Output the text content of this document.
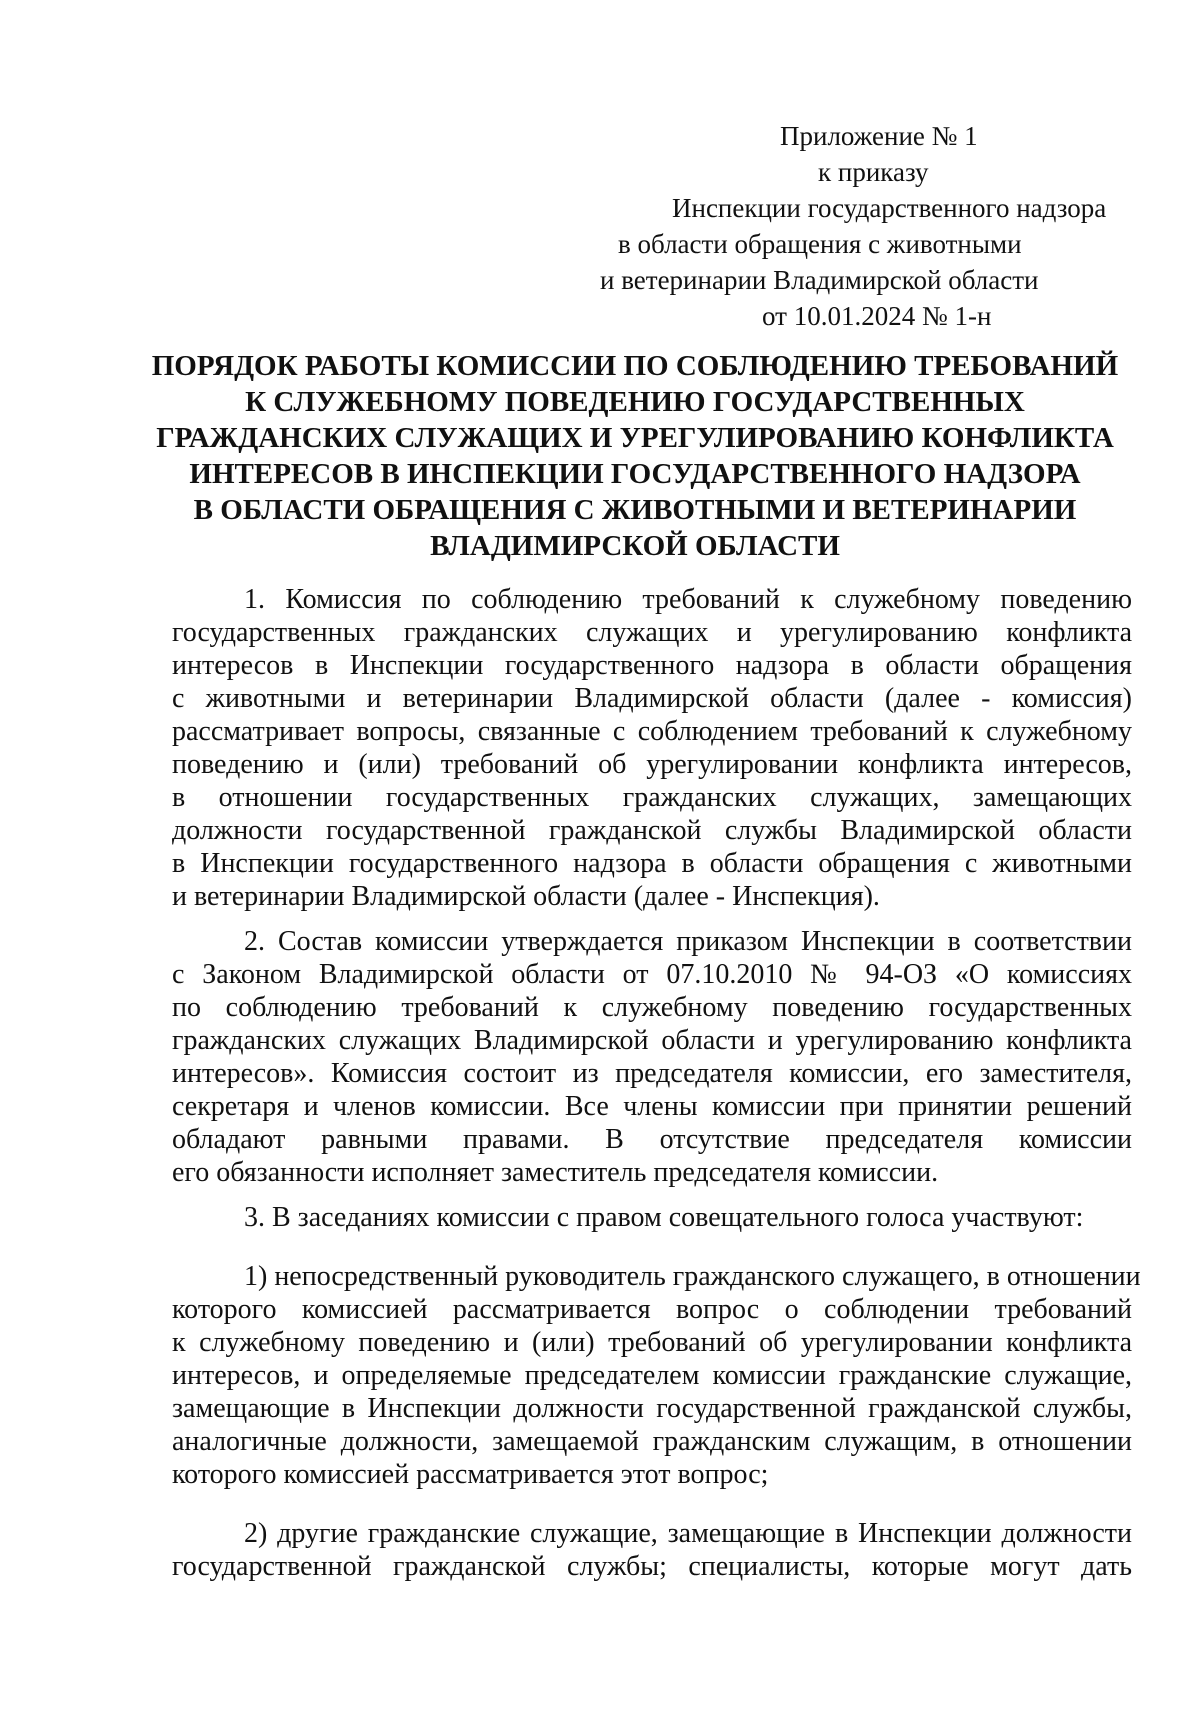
Приложение № 1
к приказу
Инспекции государственного надзора
в области обращения с животными
и ветеринарии Владимирской области
от 10.01.2024 № 1-н
ПОРЯДОК РАБОТЫ КОМИССИИ ПО СОБЛЮДЕНИЮ ТРЕБОВАНИЙ
К СЛУЖЕБНОМУ ПОВЕДЕНИЮ ГОСУДАРСТВЕННЫХ
ГРАЖДАНСКИХ СЛУЖАЩИХ И УРЕГУЛИРОВАНИЮ КОНФЛИКТА
ИНТЕРЕСОВ В ИНСПЕКЦИИ ГОСУДАРСТВЕННОГО НАДЗОРА
В ОБЛАСТИ ОБРАЩЕНИЯ С ЖИВОТНЫМИ И ВЕТЕРИНАРИИ
ВЛАДИМИРСКОЙ ОБЛАСТИ
1. Комиссия по соблюдению требований к служебному поведению
государственных гражданских служащих и урегулированию конфликта
интересов в Инспекции государственного надзора в области обращения
с животными и ветеринарии Владимирской области (далее - комиссия)
рассматривает вопросы, связанные с соблюдением требований к служебному
поведению и (или) требований об урегулировании конфликта интересов,
в отношении государственных гражданских служащих, замещающих
должности государственной гражданской службы Владимирской области
в Инспекции государственного надзора в области обращения с животными
и ветеринарии Владимирской области (далее - Инспекция).
2. Состав комиссии утверждается приказом Инспекции в соответствии
с Законом Владимирской области от 07.10.2010 № 94-ОЗ «О комиссиях
по соблюдению требований к служебному поведению государственных
гражданских служащих Владимирской области и урегулированию конфликта
интересов». Комиссия состоит из председателя комиссии, его заместителя,
секретаря и членов комиссии. Все члены комиссии при принятии решений
обладают равными правами. В отсутствие председателя комиссии
его обязанности исполняет заместитель председателя комиссии.
3. В заседаниях комиссии с правом совещательного голоса участвуют:
1) непосредственный руководитель гражданского служащего, в отношении
которого комиссией рассматривается вопрос о соблюдении требований
к служебному поведению и (или) требований об урегулировании конфликта
интересов, и определяемые председателем комиссии гражданские служащие,
замещающие в Инспекции должности государственной гражданской службы,
аналогичные должности, замещаемой гражданским служащим, в отношении
которого комиссией рассматривается этот вопрос;
2) другие гражданские служащие, замещающие в Инспекции должности
государственной гражданской службы; специалисты, которые могут дать
